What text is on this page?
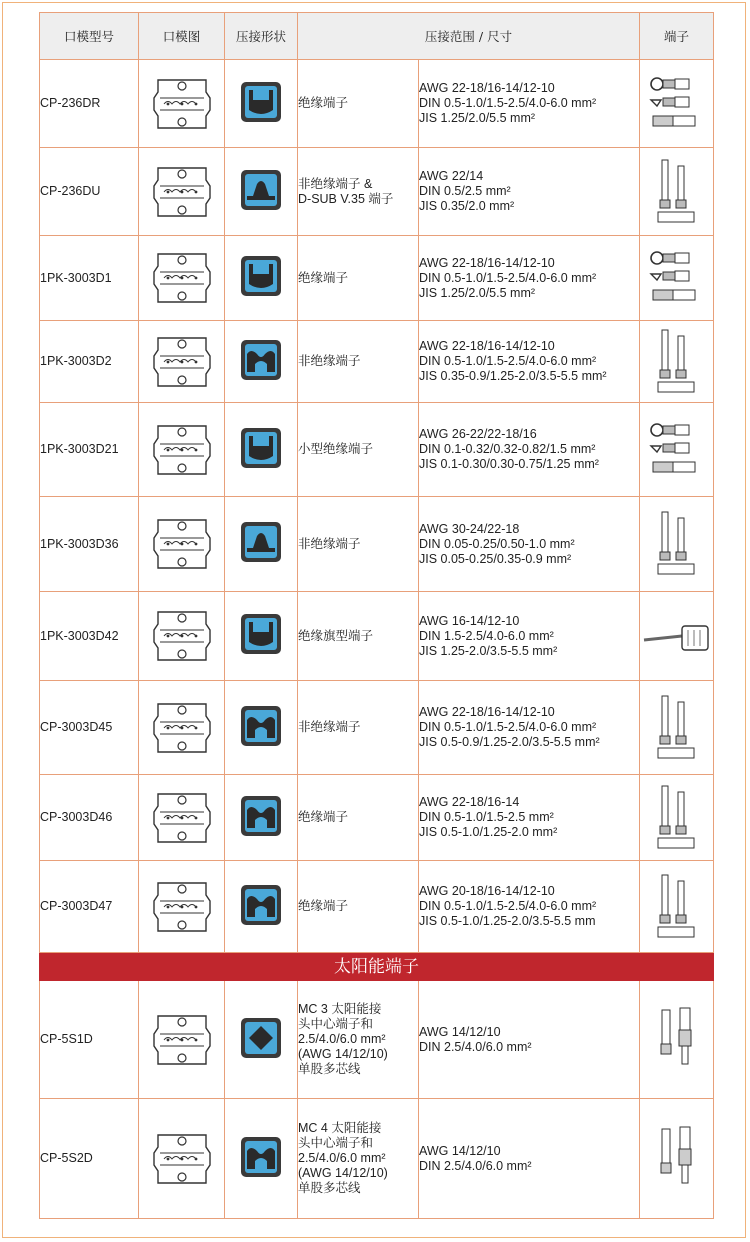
口模型号	口模图	压接形状	压接范围 / 尺寸		端子
CP-236DR			绝缘端子	AWG 22-18/16-14/12-10
DIN 0.5-1.0/1.5-2.5/4.0-6.0 mm²
JIS 1.25/2.0/5.5 mm²

CP-236DU			非绝缘端子 &
D-SUB V.35 端子	AWG 22/14
DIN 0.5/2.5 mm²
JIS 0.35/2.0 mm²

1PK-3003D1			绝缘端子	AWG 22-18/16-14/12-10
DIN 0.5-1.0/1.5-2.5/4.0-6.0 mm²
JIS 1.25/2.0/5.5 mm²

1PK-3003D2			非绝缘端子	AWG 22-18/16-14/12-10
DIN 0.5-1.0/1.5-2.5/4.0-6.0 mm²
JIS 0.35-0.9/1.25-2.0/3.5-5.5 mm²

1PK-3003D21			小型绝缘端子	AWG 26-22/22-18/16
DIN 0.1-0.32/0.32-0.82/1.5 mm²
JIS 0.1-0.30/0.30-0.75/1.25 mm²

1PK-3003D36			非绝缘端子	AWG 30-24/22-18
DIN 0.05-0.25/0.50-1.0 mm²
JIS 0.05-0.25/0.35-0.9 mm²

1PK-3003D42			绝缘旗型端子	AWG 16-14/12-10
DIN 1.5-2.5/4.0-6.0 mm²
JIS 1.25-2.0/3.5-5.5 mm²

CP-3003D45			非绝缘端子	AWG 22-18/16-14/12-10
DIN 0.5-1.0/1.5-2.5/4.0-6.0 mm²
JIS 0.5-0.9/1.25-2.0/3.5-5.5 mm²

CP-3003D46			绝缘端子	AWG 22-18/16-14
DIN 0.5-1.0/1.5-2.5 mm²
JIS 0.5-1.0/1.25-2.0 mm²

CP-3003D47			绝缘端子	AWG 20-18/16-14/12-10
DIN 0.5-1.0/1.5-2.5/4.0-6.0 mm²
JIS 0.5-1.0/1.25-2.0/3.5-5.5 mm

太阳能端子					
CP-5S1D			MC 3 太阳能接
头中心端子和
2.5/4.0/6.0 mm²
(AWG 14/12/10)
单股多芯线	AWG 14/12/10
DIN 2.5/4.0/6.0 mm²

CP-5S2D			MC 4 太阳能接
头中心端子和
2.5/4.0/6.0 mm²
(AWG 14/12/10)
单股多芯线	AWG 14/12/10
DIN 2.5/4.0/6.0 mm²
